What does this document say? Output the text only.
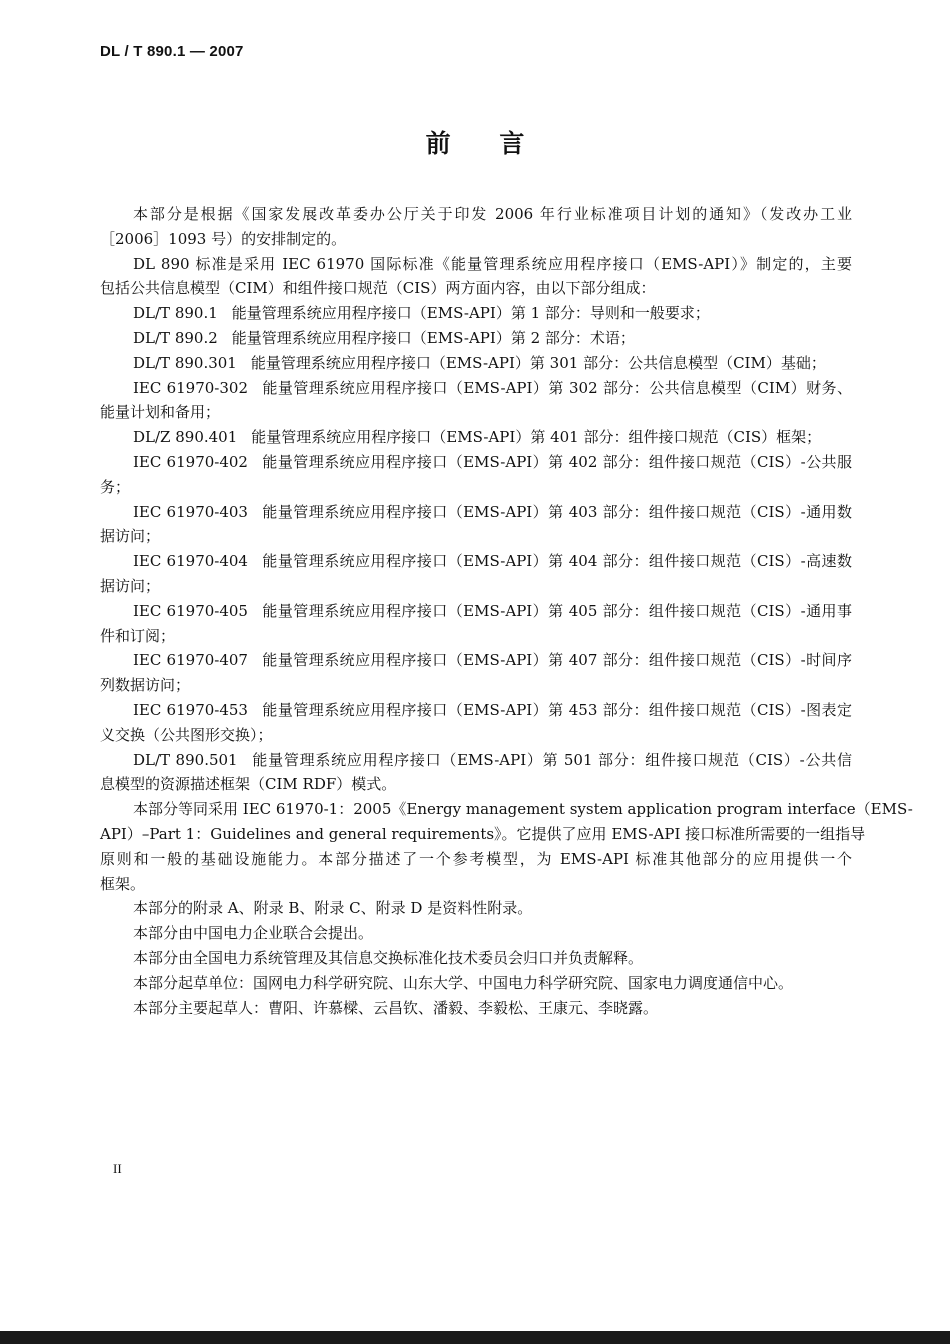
DL / T 890.1 — 2007
前 言
本部分是根据《国家发展改革委办公厅关于印发 2006 年行业标准项目计划的通知》（发改办工业
［2006］1093 号）的安排制定的。
DL 890 标准是采用 IEC 61970 国际标准《能量管理系统应用程序接口（EMS-API）》制定的，主要
包括公共信息模型（CIM）和组件接口规范（CIS）两方面内容，由以下部分组成：
DL/T 890.1 能量管理系统应用程序接口（EMS-API）第 1 部分：导则和一般要求；
DL/T 890.2 能量管理系统应用程序接口（EMS-API）第 2 部分：术语；
DL/T 890.301 能量管理系统应用程序接口（EMS-API）第 301 部分：公共信息模型（CIM）基础；
IEC 61970-302 能量管理系统应用程序接口（EMS-API）第 302 部分：公共信息模型（CIM）财务、
能量计划和备用；
DL/Z 890.401 能量管理系统应用程序接口（EMS-API）第 401 部分：组件接口规范（CIS）框架；
IEC 61970-402 能量管理系统应用程序接口（EMS-API）第 402 部分：组件接口规范（CIS）-公共服
务；
IEC 61970-403 能量管理系统应用程序接口（EMS-API）第 403 部分：组件接口规范（CIS）-通用数
据访问；
IEC 61970-404 能量管理系统应用程序接口（EMS-API）第 404 部分：组件接口规范（CIS）-高速数
据访问；
IEC 61970-405 能量管理系统应用程序接口（EMS-API）第 405 部分：组件接口规范（CIS）-通用事
件和订阅；
IEC 61970-407 能量管理系统应用程序接口（EMS-API）第 407 部分：组件接口规范（CIS）-时间序
列数据访问；
IEC 61970-453 能量管理系统应用程序接口（EMS-API）第 453 部分：组件接口规范（CIS）-图表定
义交换（公共图形交换）；
DL/T 890.501 能量管理系统应用程序接口（EMS-API）第 501 部分：组件接口规范（CIS）-公共信
息模型的资源描述框架（CIM RDF）模式。
本部分等同采用 IEC 61970-1：2005《Energy management system application program interface（EMS-
API）–Part 1：Guidelines and general requirements》。它提供了应用 EMS-API 接口标准所需要的一组指导
原则和一般的基础设施能力。本部分描述了一个参考模型，为 EMS-API 标准其他部分的应用提供一个
框架。
本部分的附录 A、附录 B、附录 C、附录 D 是资料性附录。
本部分由中国电力企业联合会提出。
本部分由全国电力系统管理及其信息交换标准化技术委员会归口并负责解释。
本部分起草单位：国网电力科学研究院、山东大学、中国电力科学研究院、国家电力调度通信中心。
本部分主要起草人：曹阳、许慕樑、云昌钦、潘毅、李毅松、王康元、李晓露。
II
